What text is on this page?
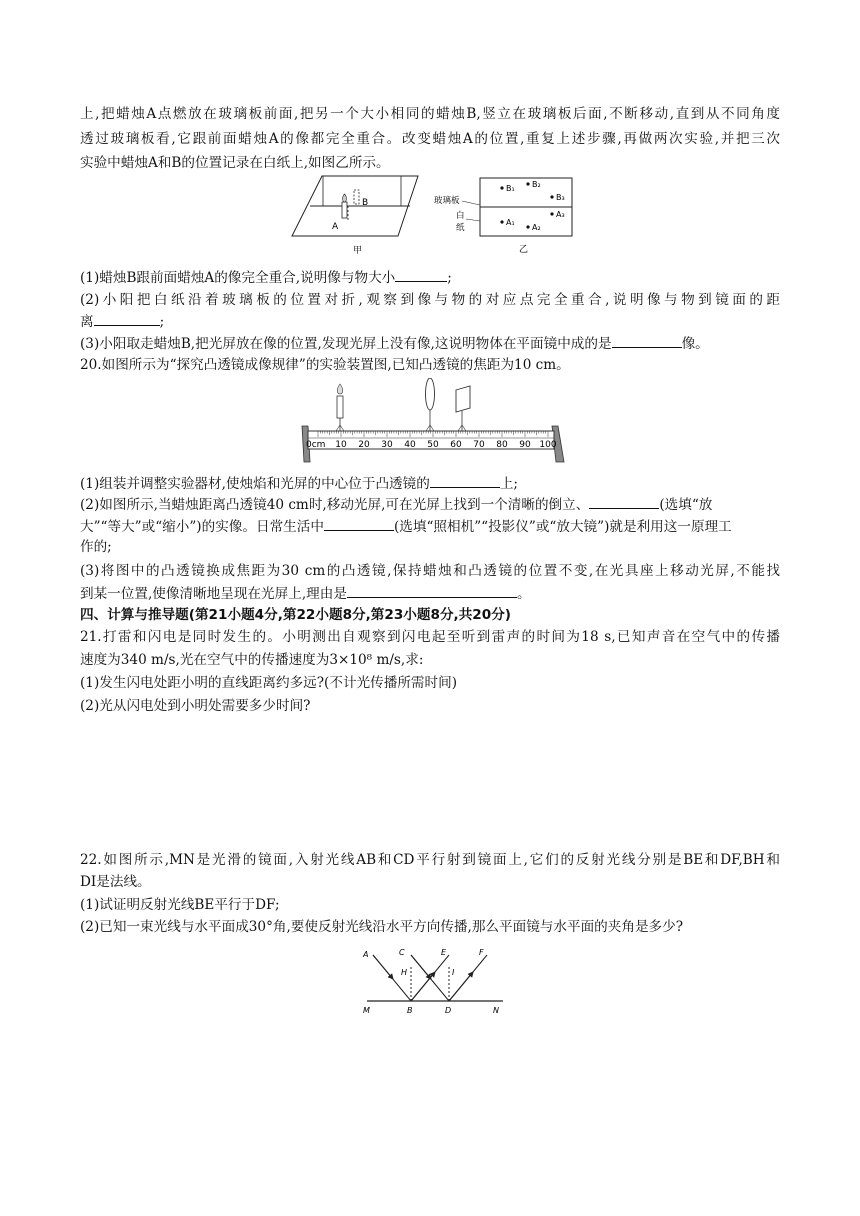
上,把蜡烛A点燃放在玻璃板前面,把另一个大小相同的蜡烛B,竖立在玻璃板后面,不断移动,直到从不同角度
透过玻璃板看,它跟前面蜡烛A的像都完全重合。改变蜡烛A的位置,重复上述步骤,再做两次实验,并把三次
实验中蜡烛A和B的位置记录在白纸上,如图乙所示。
B
A
甲
玻璃板
白
纸
B₁ B₂
B₃
A₁
A₂
A₃
乙
(1)蜡烛B跟前面蜡烛A的像完全重合,说明像与物大小	;
(2)小阳把白纸沿着玻璃板的位置对折,观察到像与物的对应点完全重合,说明像与物到镜面的距
离	;
(3)小阳取走蜡烛B,把光屏放在像的位置,发现光屏上没有像,这说明物体在平面镜中成的是	像。
20.如图所示为“探究凸透镜成像规律”的实验装置图,已知凸透镜的焦距为10 cm。
0cm 10 20 30 40 50 60 70 80 90 100
(1)组装并调整实验器材,使烛焰和光屏的中心位于凸透镜的	上;
(2)如图所示,当蜡烛距离凸透镜40 cm时,移动光屏,可在光屏上找到一个清晰的倒立、	(选填“放
大”“等大”或“缩小”)的实像。日常生活中	(选填“照相机”“投影仪”或“放大镜”)就是利用这一原理工
作的;
(3)将图中的凸透镜换成焦距为30 cm的凸透镜,保持蜡烛和凸透镜的位置不变,在光具座上移动光屏,不能找
到某一位置,使像清晰地呈现在光屏上,理由是	。
四、计算与推导题(第21小题4分,第22小题8分,第23小题8分,共20分)
21.打雷和闪电是同时发生的。小明测出自观察到闪电起至听到雷声的时间为18 s,已知声音在空气中的传播
速度为340 m/s,光在空气中的传播速度为3×10⁸ m/s,求:
(1)发生闪电处距小明的直线距离约多远?(不计光传播所需时间)
(2)光从闪电处到小明处需要多少时间?
22.如图所示,MN是光滑的镜面,入射光线AB和CD平行射到镜面上,它们的反射光线分别是BE和DF,BH和
DI是法线。
(1)试证明反射光线BE平行于DF;
(2)已知一束光线与水平面成30°角,要使反射光线沿水平方向传播,那么平面镜与水平面的夹角是多少?
A	C	E	F
H	I
M	B	D	N
